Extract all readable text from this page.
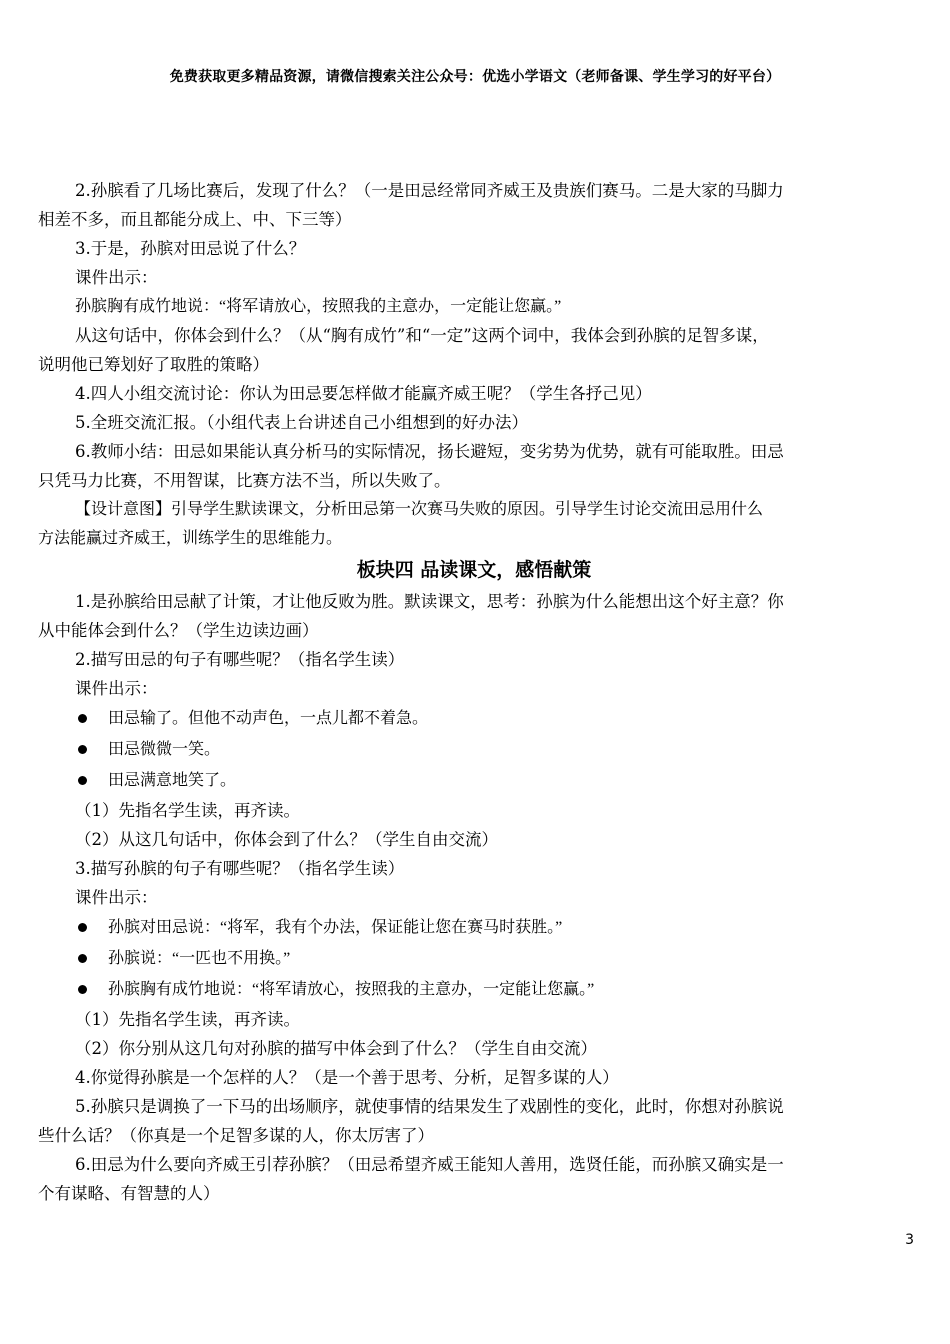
免费获取更多精品资源，请微信搜索关注公众号：优选小学语文（老师备课、学生学习的好平台）
2.孙膑看了几场比赛后，发现了什么？（一是田忌经常同齐威王及贵族们赛马。二是大家的马脚力
相差不多，而且都能分成上、中、下三等）
3.于是，孙膑对田忌说了什么？
课件出示：
孙膑胸有成竹地说：“将军请放心，按照我的主意办，一定能让您赢。”
从这句话中，你体会到什么？（从“胸有成竹”和“一定”这两个词中，我体会到孙膑的足智多谋，
说明他已筹划好了取胜的策略）
4.四人小组交流讨论：你认为田忌要怎样做才能赢齐威王呢？（学生各抒己见）
5.全班交流汇报。（小组代表上台讲述自己小组想到的好办法）
6.教师小结：田忌如果能认真分析马的实际情况，扬长避短，变劣势为优势，就有可能取胜。田忌
只凭马力比赛，不用智谋，比赛方法不当，所以失败了。
【设计意图】引导学生默读课文，分析田忌第一次赛马失败的原因。引导学生讨论交流田忌用什么
方法能赢过齐威王，训练学生的思维能力。
板块四 品读课文，感悟献策
1.是孙膑给田忌献了计策，才让他反败为胜。默读课文，思考：孙膑为什么能想出这个好主意？你
从中能体会到什么？（学生边读边画）
2.描写田忌的句子有哪些呢？（指名学生读）
课件出示：
田忌输了。但他不动声色，一点儿都不着急。
田忌微微一笑。
田忌满意地笑了。
（1）先指名学生读，再齐读。
（2）从这几句话中，你体会到了什么？（学生自由交流）
3.描写孙膑的句子有哪些呢？（指名学生读）
课件出示：
孙膑对田忌说：“将军，我有个办法，保证能让您在赛马时获胜。”
孙膑说：“一匹也不用换。”
孙膑胸有成竹地说：“将军请放心，按照我的主意办，一定能让您赢。”
（1）先指名学生读，再齐读。
（2）你分别从这几句对孙膑的描写中体会到了什么？（学生自由交流）
4.你觉得孙膑是一个怎样的人？（是一个善于思考、分析，足智多谋的人）
5.孙膑只是调换了一下马的出场顺序，就使事情的结果发生了戏剧性的变化，此时，你想对孙膑说
些什么话？（你真是一个足智多谋的人，你太厉害了）
6.田忌为什么要向齐威王引荐孙膑？（田忌希望齐威王能知人善用，选贤任能，而孙膑又确实是一
个有谋略、有智慧的人）
3
